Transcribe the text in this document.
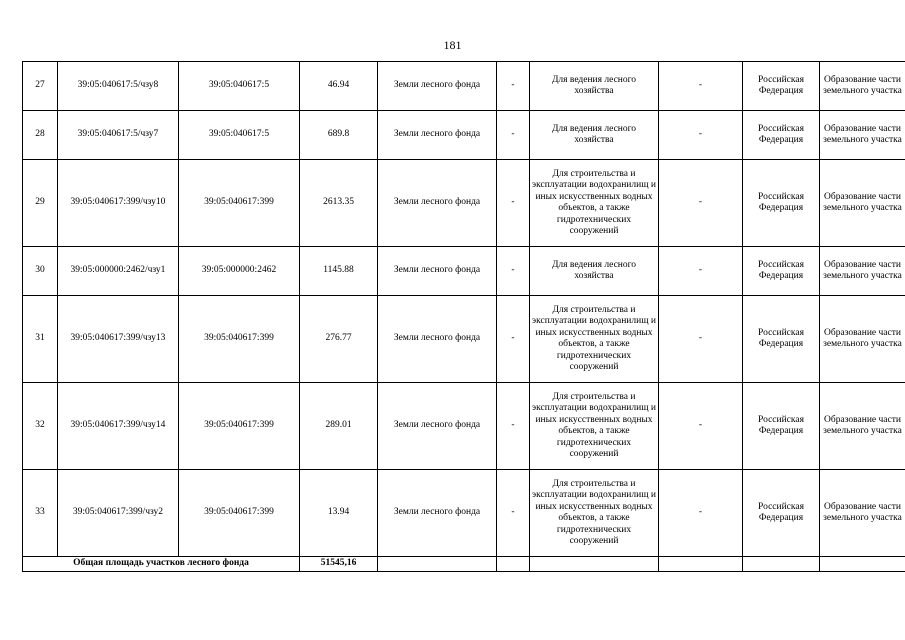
181
27	39:05:040617:5/чзу8	39:05:040617:5	46.94	Земли лесного фонда	-	Для ведения лесного хозяйства	-	Российская Федерация	Образование части земельного участка
28	39:05:040617:5/чзу7	39:05:040617:5	689.8	Земли лесного фонда	-	Для ведения лесного хозяйства	-	Российская Федерация	Образование части земельного участка
29	39:05:040617:399/чзу10	39:05:040617:399	2613.35	Земли лесного фонда	-	Для строительства и эксплуатации водохранилищ и иных искусственных водных объектов, а также гидротехнических сооружений	-	Российская Федерация	Образование части земельного участка
30	39:05:000000:2462/чзу1	39:05:000000:2462	1145.88	Земли лесного фонда	-	Для ведения лесного хозяйства	-	Российская Федерация	Образование части земельного участка
31	39:05:040617:399/чзу13	39:05:040617:399	276.77	Земли лесного фонда	-	Для строительства и эксплуатации водохранилищ и иных искусственных водных объектов, а также гидротехнических сооружений	-	Российская Федерация	Образование части земельного участка
32	39:05:040617:399/чзу14	39:05:040617:399	289.01	Земли лесного фонда	-	Для строительства и эксплуатации водохранилищ и иных искусственных водных объектов, а также гидротехнических сооружений	-	Российская Федерация	Образование части земельного участка
33	39:05:040617:399/чзу2	39:05:040617:399	13.94	Земли лесного фонда	-	Для строительства и эксплуатации водохранилищ и иных искусственных водных объектов, а также гидротехнических сооружений	-	Российская Федерация	Образование части земельного участка
Общая площадь участков лесного фонда			51545,16						
